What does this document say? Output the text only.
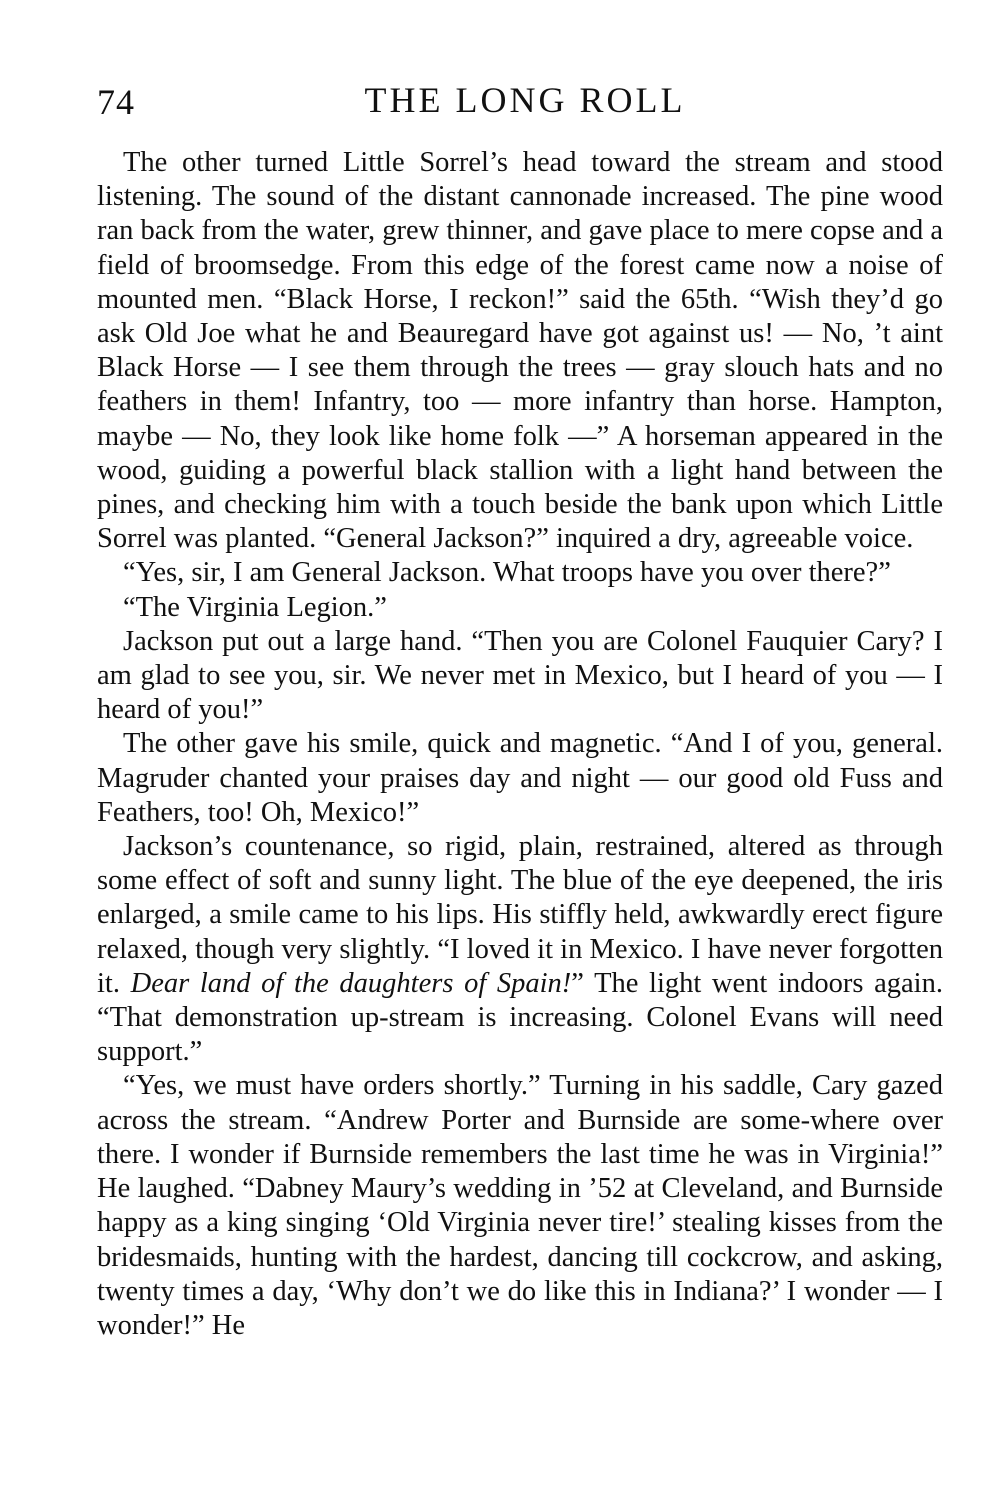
74	THE LONG ROLL

The other turned Little Sorrel’s head toward the stream and stood listening. The sound of the distant cannonade increased. The pine wood ran back from the water, grew thinner, and gave place to mere copse and a field of broomsedge. From this edge of the forest came now a noise of mounted men. “Black Horse, I reckon!” said the 65th. “Wish they’d go ask Old Joe what he and Beauregard have got against us! — No, ’t aint Black Horse — I see them through the trees — gray slouch hats and no feathers in them! Infantry, too — more infantry than horse. Hampton, maybe — No, they look like home folk —” A horseman appeared in the wood, guiding a powerful black stallion with a light hand between the pines, and checking him with a touch beside the bank upon which Little Sorrel was planted. “General Jackson?” inquired a dry, agreeable voice.

“Yes, sir, I am General Jackson. What troops have you over there?”

“The Virginia Legion.”

Jackson put out a large hand. “Then you are Colonel Fauquier Cary? I am glad to see you, sir. We never met in Mexico, but I heard of you — I heard of you!”

The other gave his smile, quick and magnetic. “And I of you, general. Magruder chanted your praises day and night — our good old Fuss and Feathers, too! Oh, Mexico!”

Jackson’s countenance, so rigid, plain, restrained, altered as through some effect of soft and sunny light. The blue of the eye deepened, the iris enlarged, a smile came to his lips. His stiffly held, awkwardly erect figure relaxed, though very slightly. “I loved it in Mexico. I have never forgotten it. Dear land of the daughters of Spain!” The light went indoors again. “That demonstration up-stream is increasing. Colonel Evans will need support.”

“Yes, we must have orders shortly.” Turning in his saddle, Cary gazed across the stream. “Andrew Porter and Burnside are some-where over there. I wonder if Burnside remembers the last time he was in Virginia!” He laughed. “Dabney Maury’s wedding in ’52 at Cleveland, and Burnside happy as a king singing ‘Old Virginia never tire!’ stealing kisses from the bridesmaids, hunting with the hardest, dancing till cockcrow, and asking, twenty times a day, ‘Why don’t we do like this in Indiana?’ I wonder — I wonder!” He
